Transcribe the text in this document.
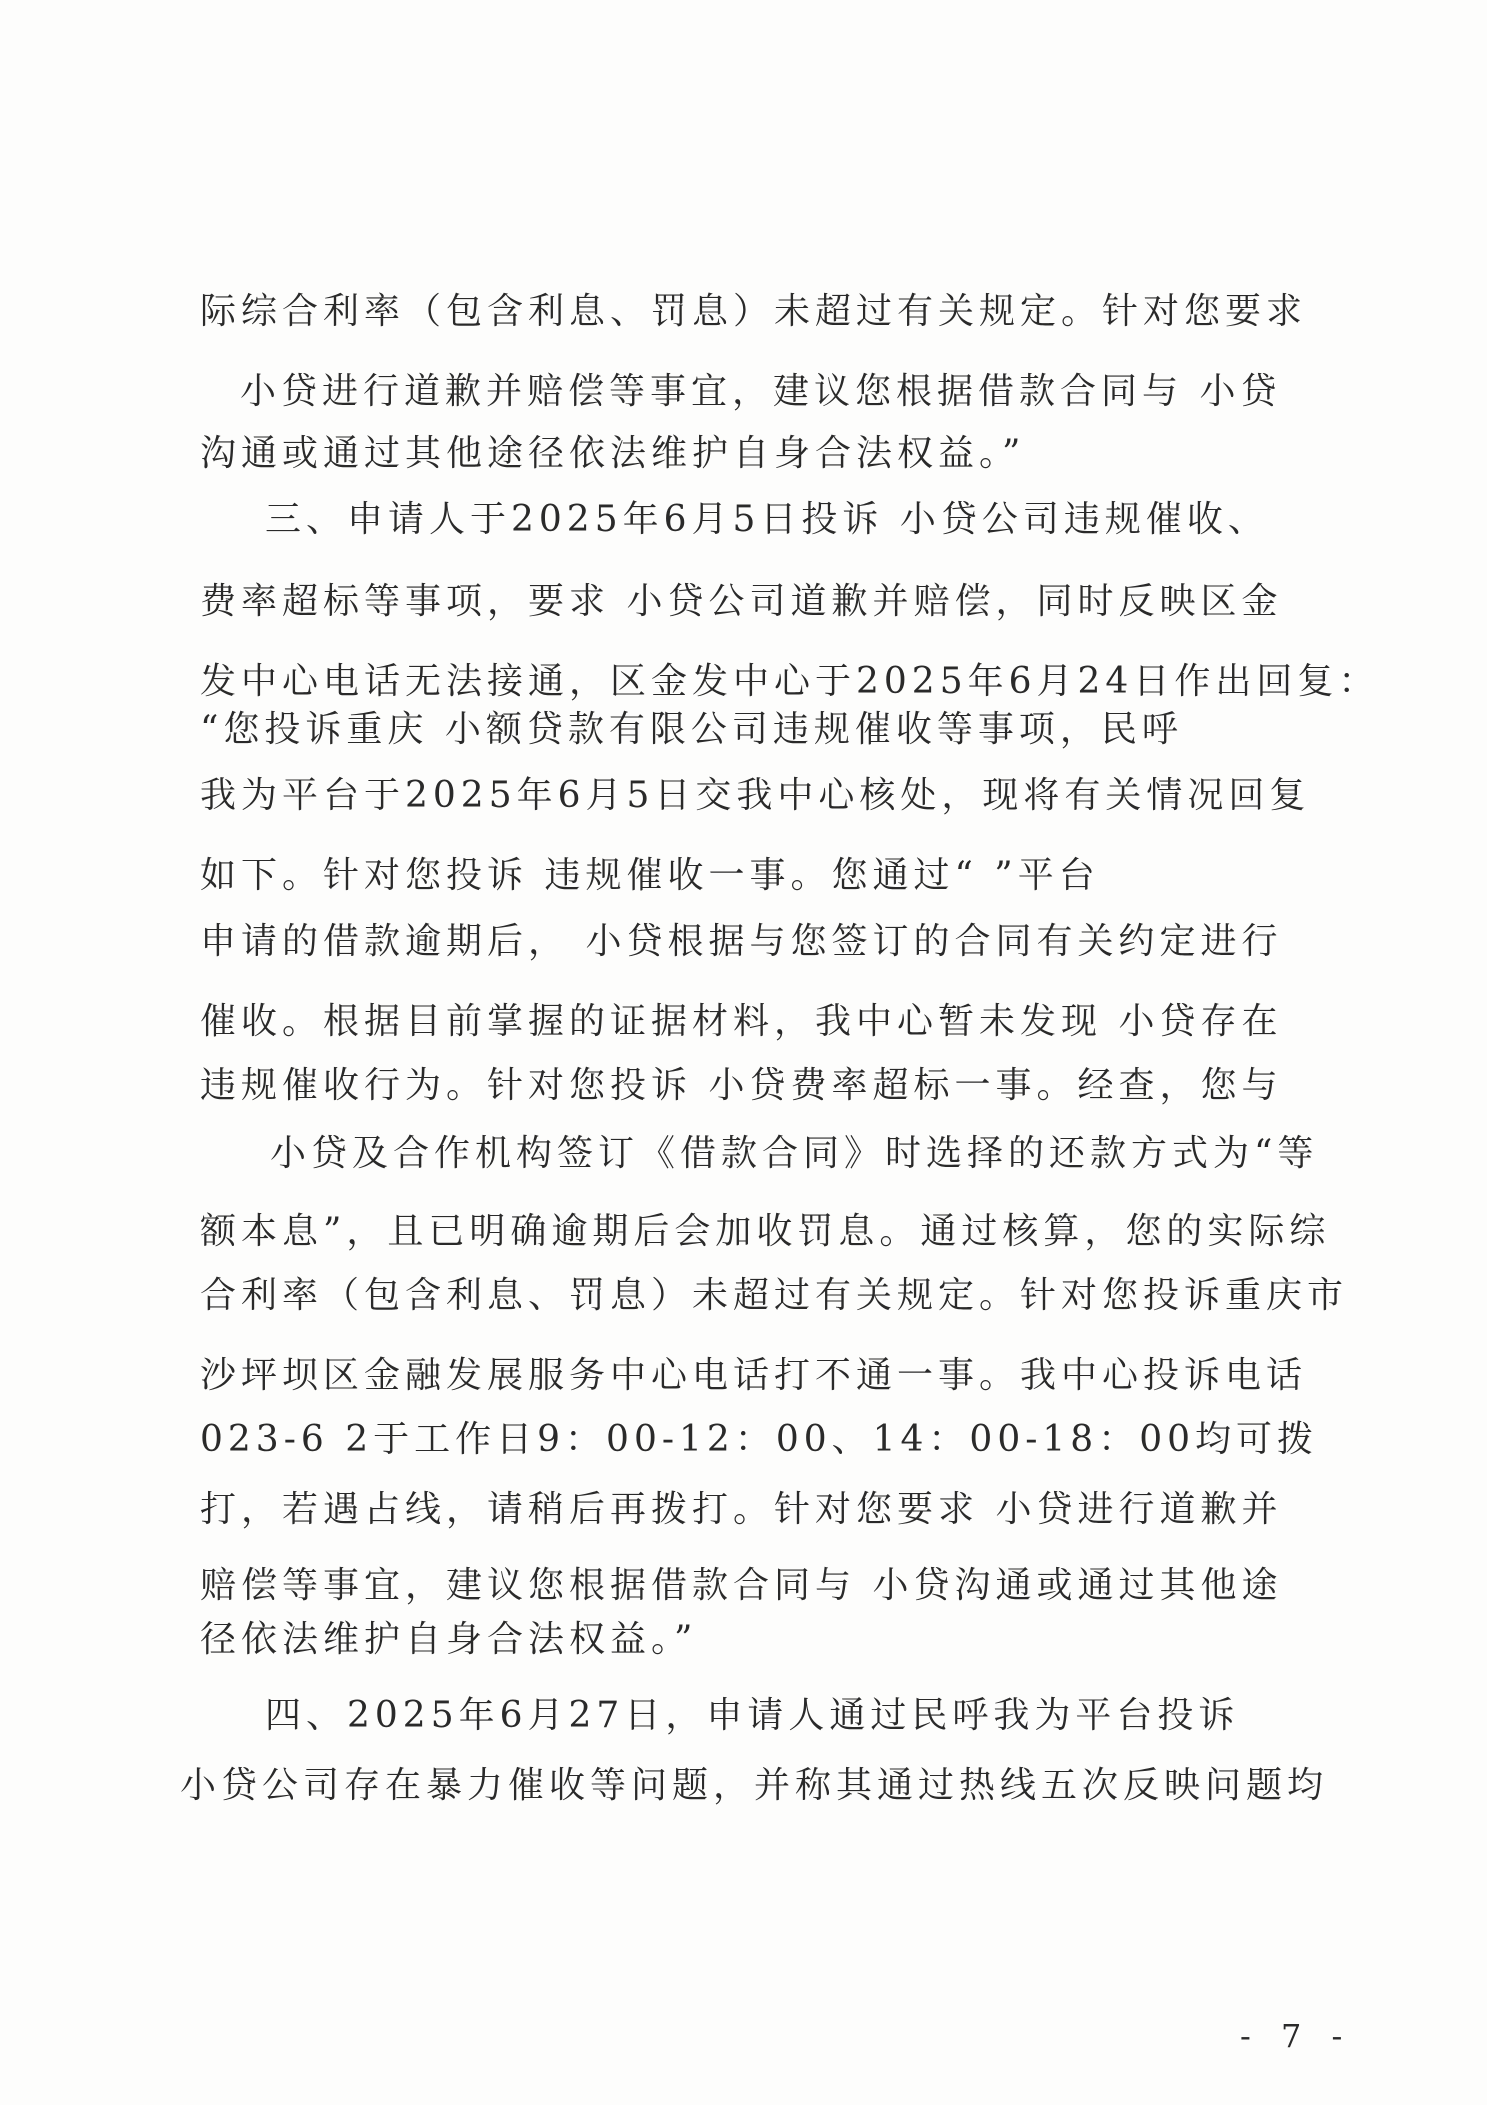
际综合利率（包含利息、罚息）未超过有关规定。针对您要求
小贷进行道歉并赔偿等事宜，建议您根据借款合同与 小贷
沟通或通过其他途径依法维护自身合法权益。”
三、申请人于2025年6月5日投诉 小贷公司违规催收、
费率超标等事项，要求 小贷公司道歉并赔偿，同时反映区金
发中心电话无法接通，区金发中心于2025年6月24日作出回复：
“您投诉重庆 小额贷款有限公司违规催收等事项，民呼
我为平台于2025年6月5日交我中心核处，现将有关情况回复
如下。针对您投诉 违规催收一事。您通过“ ”平台
申请的借款逾期后， 小贷根据与您签订的合同有关约定进行
催收。根据目前掌握的证据材料，我中心暂未发现 小贷存在
违规催收行为。针对您投诉 小贷费率超标一事。经查，您与
小贷及合作机构签订《借款合同》时选择的还款方式为“等
额本息”，且已明确逾期后会加收罚息。通过核算，您的实际综
合利率（包含利息、罚息）未超过有关规定。针对您投诉重庆市
沙坪坝区金融发展服务中心电话打不通一事。我中心投诉电话
023-6 2于工作日9：00-12：00、14：00-18：00均可拨
打，若遇占线，请稍后再拨打。针对您要求 小贷进行道歉并
赔偿等事宜，建议您根据借款合同与 小贷沟通或通过其他途
径依法维护自身合法权益。”
四、2025年6月27日，申请人通过民呼我为平台投诉
小贷公司存在暴力催收等问题，并称其通过热线五次反映问题均
- 7 -
